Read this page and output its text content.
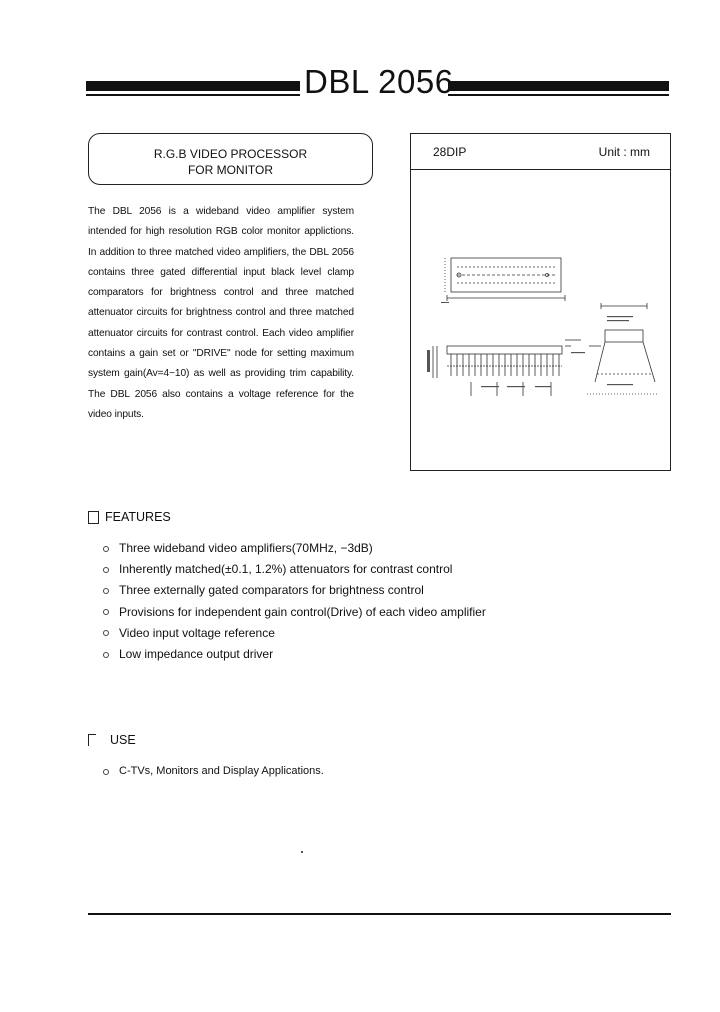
DBL 2056
R.G.B VIDEO PROCESSOR
FOR MONITOR

The DBL 2056 is a wideband video amplifier system intended for high resolution RGB color monitor applictions. In addition to three matched video amplifiers, the DBL 2056 contains three gated differential input black level clamp comparators for brightness control and three matched attenuator circuits for brightness control and three matched attenuator circuits for contrast control. Each video amplifier contains a gain set or "DRIVE" node for setting maximum system gain(Av=4~10) as well as providing trim capability. The DBL 2056 also contains a voltage reference for the video inputs.

28DIP	Unit : mm
FEATURES
Three wideband video amplifiers(70MHz, −3dB)
Inherently matched(±0.1, 1.2%) attenuators for contrast control
Three externally gated comparators for brightness control
Provisions for independent gain control(Drive) of each video amplifier
Video input voltage reference
Low impedance output driver
USE
C-TVs, Monitors and Display Applications.
